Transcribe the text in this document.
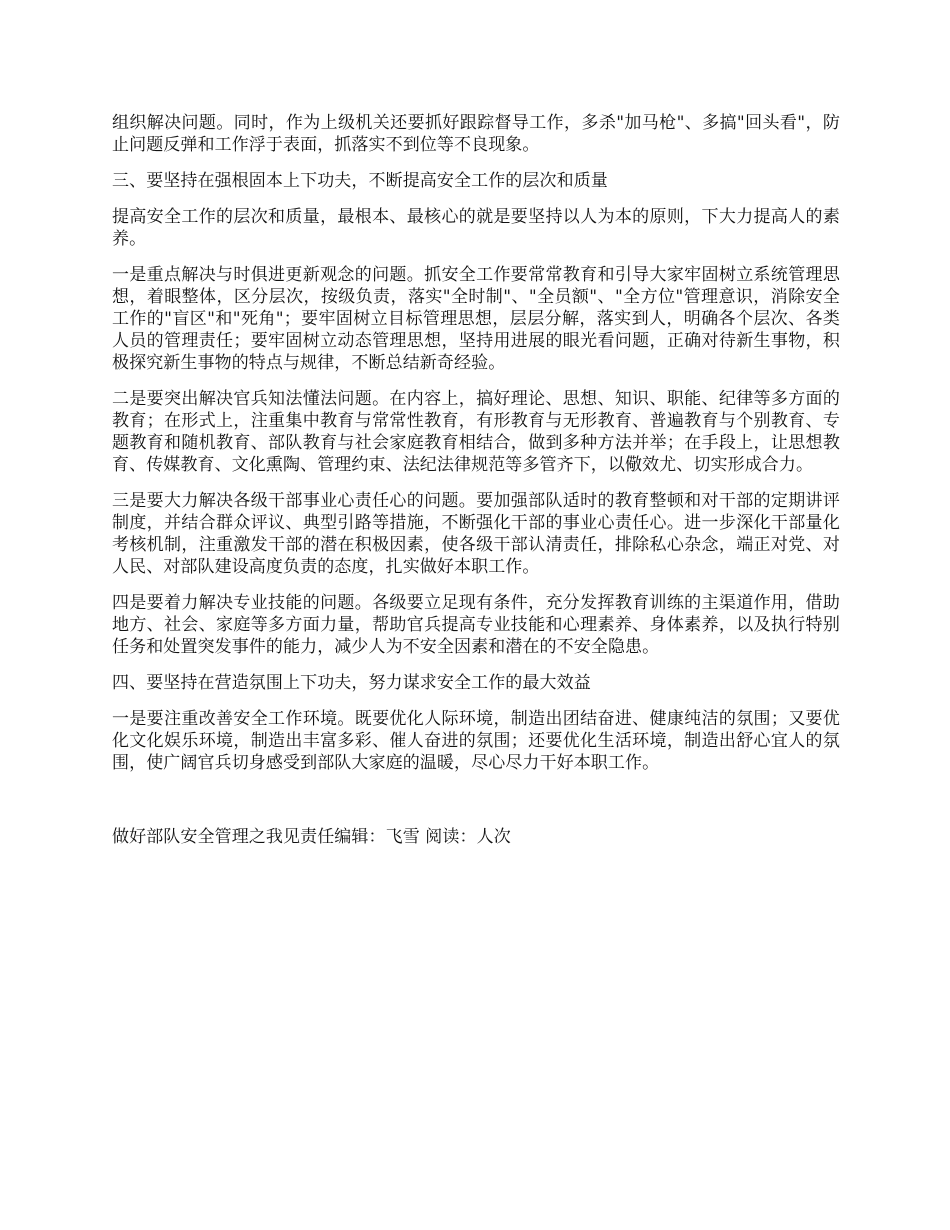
组织解决问题。同时，作为上级机关还要抓好跟踪督导工作，多杀"加马枪"、多搞"回头看"，防止问题反弹和工作浮于表面，抓落实不到位等不良现象。

三、要坚持在强根固本上下功夫，不断提高安全工作的层次和质量

提高安全工作的层次和质量，最根本、最核心的就是要坚持以人为本的原则，下大力提高人的素养。

一是重点解决与时俱进更新观念的问题。抓安全工作要常常教育和引导大家牢固树立系统管理思想，着眼整体，区分层次，按级负责，落实"全时制"、"全员额"、"全方位"管理意识，消除安全工作的"盲区"和"死角"；要牢固树立目标管理思想，层层分解，落实到人，明确各个层次、各类人员的管理责任；要牢固树立动态管理思想，坚持用进展的眼光看问题，正确对待新生事物，积极探究新生事物的特点与规律，不断总结新奇经验。

二是要突出解决官兵知法懂法问题。在内容上，搞好理论、思想、知识、职能、纪律等多方面的教育；在形式上，注重集中教育与常常性教育，有形教育与无形教育、普遍教育与个别教育、专题教育和随机教育、部队教育与社会家庭教育相结合，做到多种方法并举；在手段上，让思想教育、传媒教育、文化熏陶、管理约束、法纪法律规范等多管齐下，以儆效尤、切实形成合力。

三是要大力解决各级干部事业心责任心的问题。要加强部队适时的教育整顿和对干部的定期讲评制度，并结合群众评议、典型引路等措施，不断强化干部的事业心责任心。进一步深化干部量化考核机制，注重激发干部的潜在积极因素，使各级干部认清责任，排除私心杂念，端正对党、对人民、对部队建设高度负责的态度，扎实做好本职工作。

四是要着力解决专业技能的问题。各级要立足现有条件，充分发挥教育训练的主渠道作用，借助地方、社会、家庭等多方面力量，帮助官兵提高专业技能和心理素养、身体素养，以及执行特别任务和处置突发事件的能力，减少人为不安全因素和潜在的不安全隐患。

四、要坚持在营造氛围上下功夫，努力谋求安全工作的最大效益

一是要注重改善安全工作环境。既要优化人际环境，制造出团结奋进、健康纯洁的氛围；又要优化文化娱乐环境，制造出丰富多彩、催人奋进的氛围；还要优化生活环境，制造出舒心宜人的氛围，使广阔官兵切身感受到部队大家庭的温暖，尽心尽力干好本职工作。

做好部队安全管理之我见责任编辑：飞雪 阅读：人次
